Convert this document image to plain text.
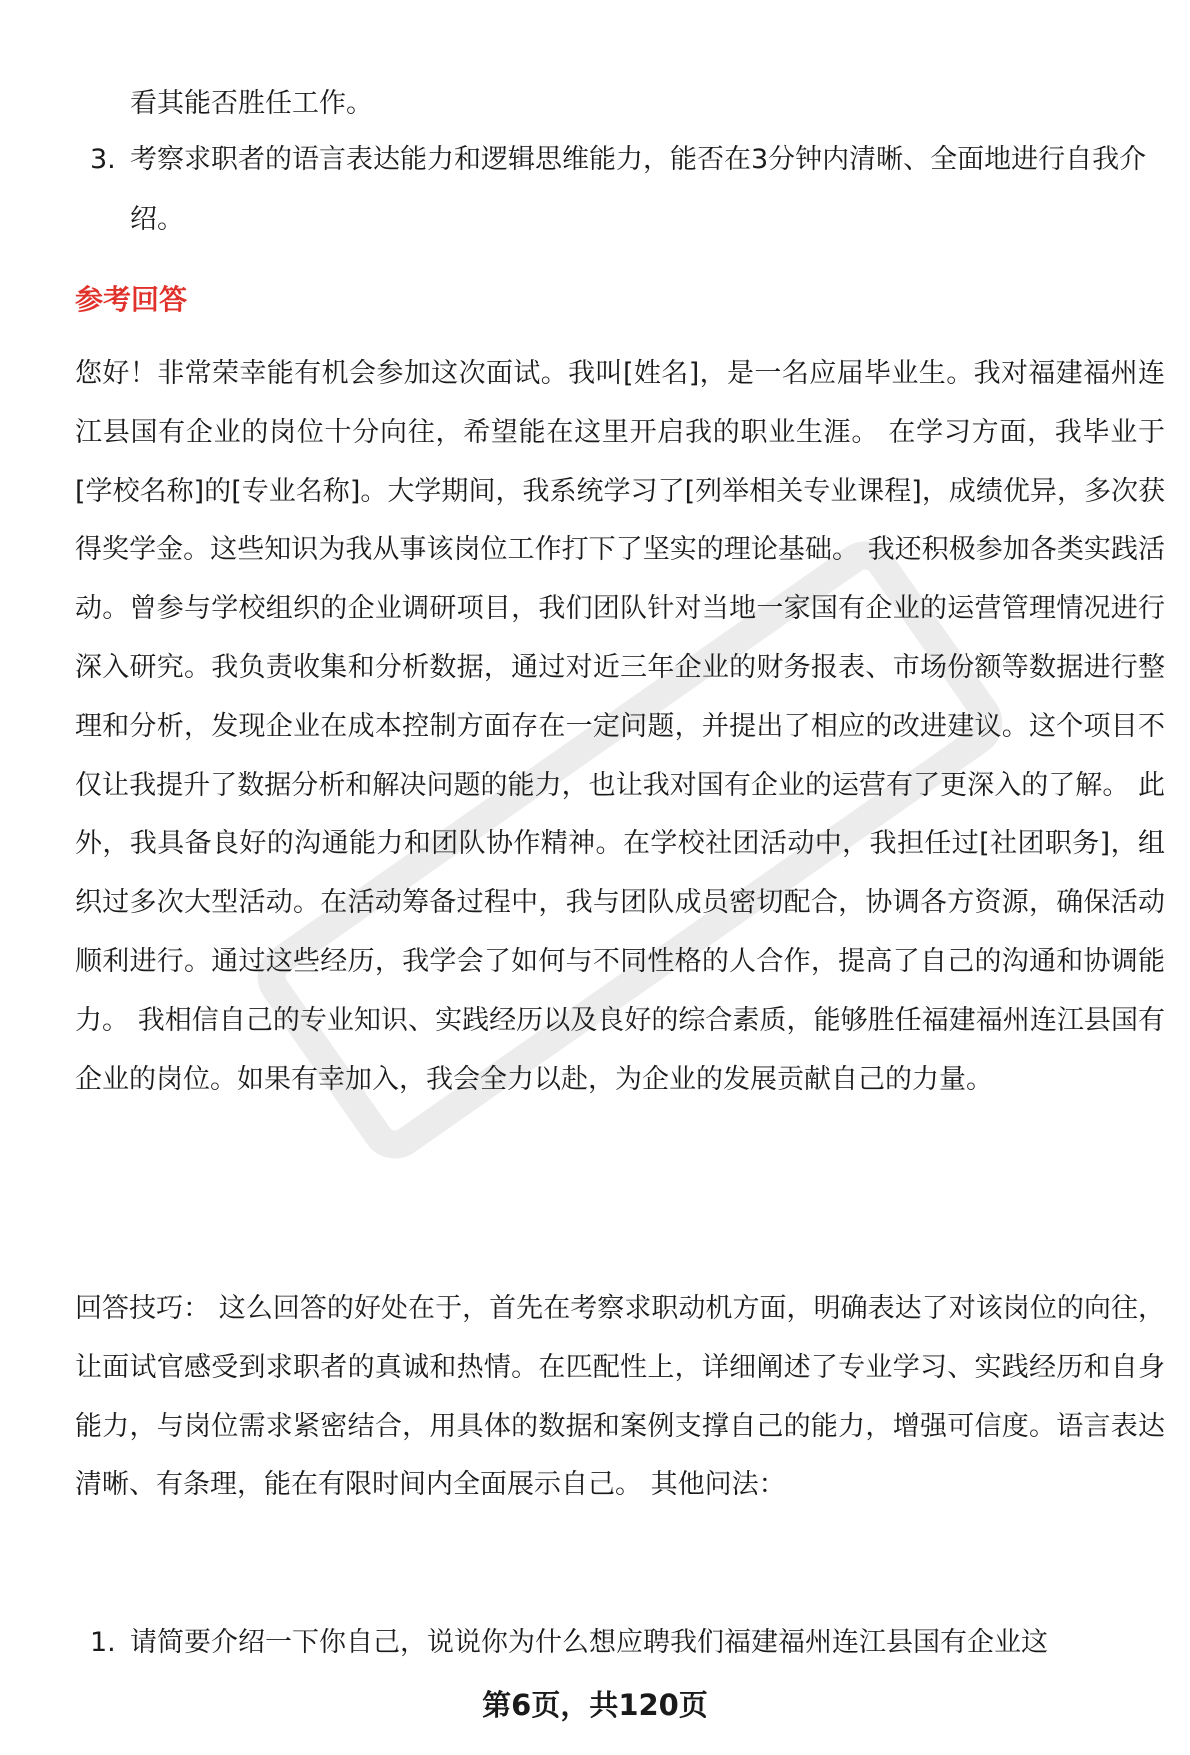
看其能否胜任工作。
3. 考察求职者的语言表达能力和逻辑思维能力，能否在3分钟内清晰、全面地进行自我介绍。
参考回答

您好！非常荣幸能有机会参加这次面试。我叫[姓名]，是一名应届毕业生。我对福建福州连江县国有企业的岗位十分向往，希望能在这里开启我的职业生涯。 在学习方面，我毕业于[学校名称]的[专业名称]。大学期间，我系统学习了[列举相关专业课程]，成绩优异，多次获得奖学金。这些知识为我从事该岗位工作打下了坚实的理论基础。 我还积极参加各类实践活动。曾参与学校组织的企业调研项目，我们团队针对当地一家国有企业的运营管理情况进行深入研究。我负责收集和分析数据，通过对近三年企业的财务报表、市场份额等数据进行整理和分析，发现企业在成本控制方面存在一定问题，并提出了相应的改进建议。这个项目不仅让我提升了数据分析和解决问题的能力，也让我对国有企业的运营有了更深入的了解。 此外，我具备良好的沟通能力和团队协作精神。在学校社团活动中，我担任过[社团职务]，组织过多次大型活动。在活动筹备过程中，我与团队成员密切配合，协调各方资源，确保活动顺利进行。通过这些经历，我学会了如何与不同性格的人合作，提高了自己的沟通和协调能力。 我相信自己的专业知识、实践经历以及良好的综合素质，能够胜任福建福州连江县国有企业的岗位。如果有幸加入，我会全力以赴，为企业的发展贡献自己的力量。

回答技巧： 这么回答的好处在于，首先在考察求职动机方面，明确表达了对该岗位的向往，让面试官感受到求职者的真诚和热情。在匹配性上，详细阐述了专业学习、实践经历和自身能力，与岗位需求紧密结合，用具体的数据和案例支撑自己的能力，增强可信度。语言表达清晰、有条理，能在有限时间内全面展示自己。 其他问法：

1. 请简要介绍一下你自己，说说你为什么想应聘我们福建福州连江县国有企业这
第6页，共120页
